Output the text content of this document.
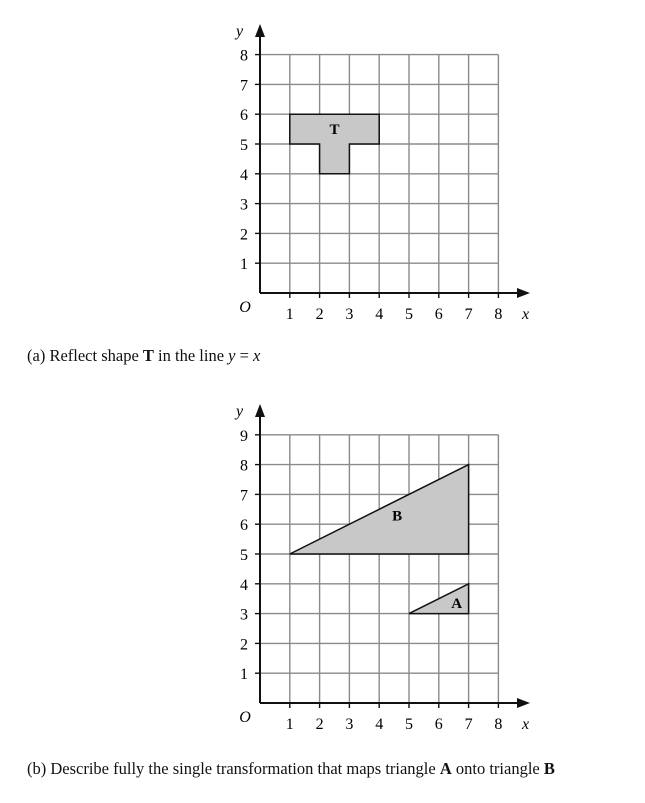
T
1 2 3 4 5 6 7 8
1
2
3
4
5
6
7
8
x
y
O
(a) Reflect shape T in the line y = x
B
A
1 2 3 4 5 6 7 8
1
2
3
4
5
6
7
8
9
x
y
O
(b) Describe fully the single transformation that maps triangle A onto triangle B
